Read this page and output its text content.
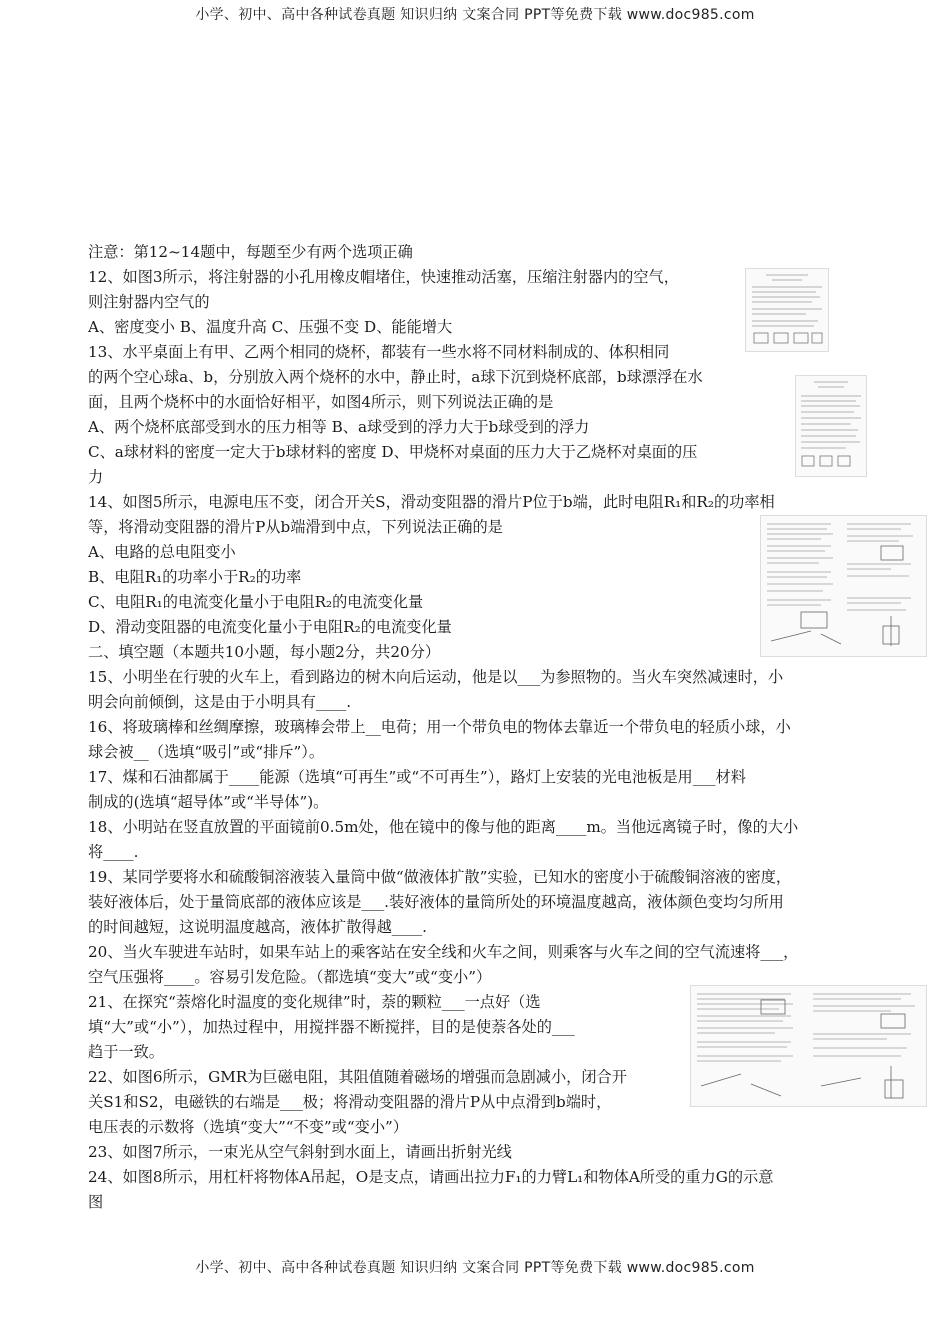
小学、初中、高中各种试卷真题 知识归纳 文案合同 PPT等免费下载 www.doc985.com
注意：第12~14题中，每题至少有两个选项正确
12、如图3所示，将注射器的小孔用橡皮帽堵住，快速推动活塞，压缩注射器内的空气，
则注射器内空气的
A、密度变小 B、温度升高 C、压强不变 D、能能增大
13、水平桌面上有甲、乙两个相同的烧杯，都装有一些水将不同材料制成的、体积相同
的两个空心球a、b，分别放入两个烧杯的水中，静止时，a球下沉到烧杯底部，b球漂浮在水
面，且两个烧杯中的水面恰好相平，如图4所示，则下列说法正确的是
A、两个烧杯底部受到水的压力相等 B、a球受到的浮力大于b球受到的浮力
C、a球材料的密度一定大于b球材料的密度 D、甲烧杯对桌面的压力大于乙烧杯对桌面的压
力
14、如图5所示，电源电压不变，闭合开关S，滑动变阻器的滑片P位于b端，此时电阻R₁和R₂的功率相
等，将滑动变阻器的滑片P从b端滑到中点，下列说法正确的是
A、电路的总电阻变小
B、电阻R₁的功率小于R₂的功率
C、电阻R₁的电流变化量小于电阻R₂的电流变化量
D、滑动变阻器的电流变化量小于电阻R₂的电流变化量
二、填空题（本题共10小题，每小题2分，共20分）
15、小明坐在行驶的火车上，看到路边的树木向后运动，他是以___为参照物的。当火车突然减速时，小
明会向前倾倒，这是由于小明具有____.
16、将玻璃棒和丝绸摩擦，玻璃棒会带上__电荷；用一个带负电的物体去靠近一个带负电的轻质小球，小
球会被__（选填“吸引”或“排斥”）。
17、煤和石油都属于____能源（选填“可再生”或“不可再生”），路灯上安装的光电池板是用___材料
制成的(选填“超导体”或“半导体”)。
18、小明站在竖直放置的平面镜前0.5m处，他在镜中的像与他的距离____m。当他远离镜子时，像的大小
将____.
19、某同学要将水和硫酸铜溶液装入量筒中做“做液体扩散”实验，已知水的密度小于硫酸铜溶液的密度，
装好液体后，处于量筒底部的液体应该是___.装好液体的量筒所处的环境温度越高，液体颜色变均匀所用
的时间越短，这说明温度越高，液体扩散得越____.
20、当火车驶进车站时，如果车站上的乘客站在安全线和火车之间，则乘客与火车之间的空气流速将___，
空气压强将____。容易引发危险。（都选填“变大”或“变小”）
21、在探究“萘熔化时温度的变化规律”时，萘的颗粒___一点好（选
填“大”或“小”），加热过程中，用搅拌器不断搅拌，目的是使萘各处的___
趋于一致。
22、如图6所示，GMR为巨磁电阻，其阻值随着磁场的增强而急剧减小，闭合开
关S1和S2，电磁铁的右端是___极；将滑动变阻器的滑片P从中点滑到b端时，
电压表的示数将（选填“变大”“不变”或“变小”）
23、如图7所示，一束光从空气斜射到水面上，请画出折射光线
24、如图8所示，用杠杆将物体A吊起，O是支点，请画出拉力F₁的力臂L₁和物体A所受的重力G的示意
图
小学、初中、高中各种试卷真题 知识归纳 文案合同 PPT等免费下载 www.doc985.com
